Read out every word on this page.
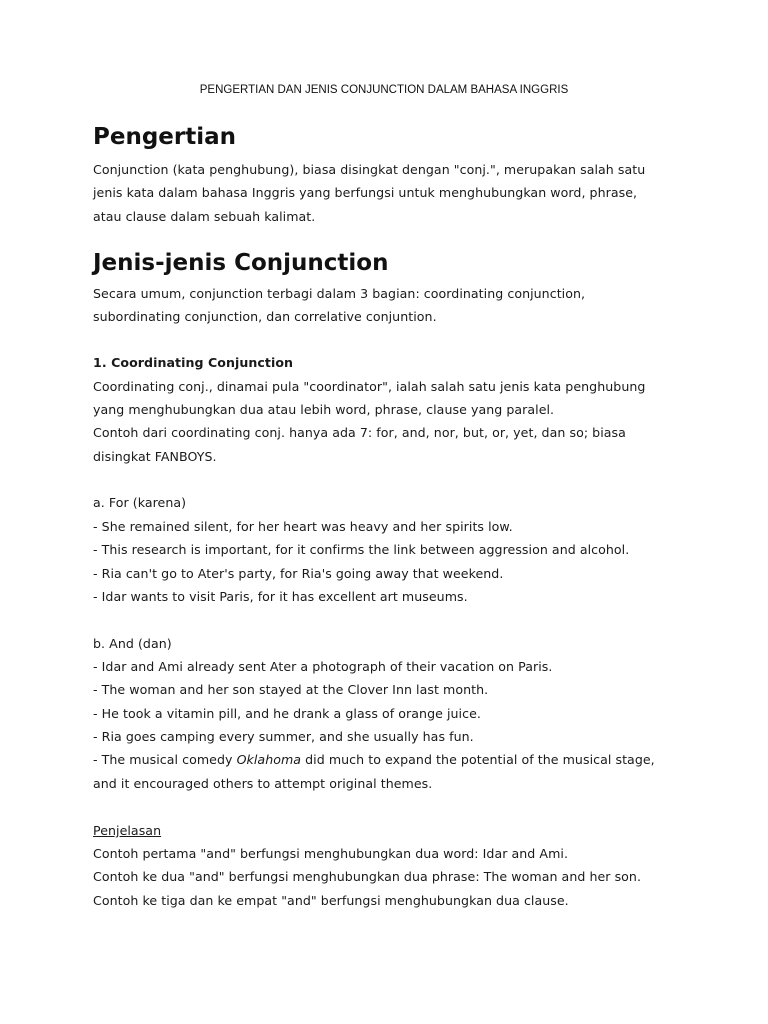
PENGERTIAN DAN JENIS CONJUNCTION DALAM BAHASA INGGRIS
Pengertian
Conjunction (kata penghubung), biasa disingkat dengan "conj.", merupakan salah satu
jenis kata dalam bahasa Inggris yang berfungsi untuk menghubungkan word, phrase,
atau clause dalam sebuah kalimat.
Jenis-jenis Conjunction
Secara umum, conjunction terbagi dalam 3 bagian: coordinating conjunction,
subordinating conjunction, dan correlative conjuntion.
1. Coordinating Conjunction
Coordinating conj., dinamai pula "coordinator", ialah salah satu jenis kata penghubung
yang menghubungkan dua atau lebih word, phrase, clause yang paralel.
Contoh dari coordinating conj. hanya ada 7: for, and, nor, but, or, yet, dan so; biasa
disingkat FANBOYS.
a. For (karena)
- She remained silent, for her heart was heavy and her spirits low.
- This research is important, for it confirms the link between aggression and alcohol.
- Ria can't go to Ater's party, for Ria's going away that weekend.
- Idar wants to visit Paris, for it has excellent art museums.
b. And (dan)
- Idar and Ami already sent Ater a photograph of their vacation on Paris.
- The woman and her son stayed at the Clover Inn last month.
- He took a vitamin pill, and he drank a glass of orange juice.
- Ria goes camping every summer, and she usually has fun.
- The musical comedy Oklahoma did much to expand the potential of the musical stage,
and it encouraged others to attempt original themes.
Penjelasan
Contoh pertama "and" berfungsi menghubungkan dua word: Idar and Ami.
Contoh ke dua "and" berfungsi menghubungkan dua phrase: The woman and her son.
Contoh ke tiga dan ke empat "and" berfungsi menghubungkan dua clause.
